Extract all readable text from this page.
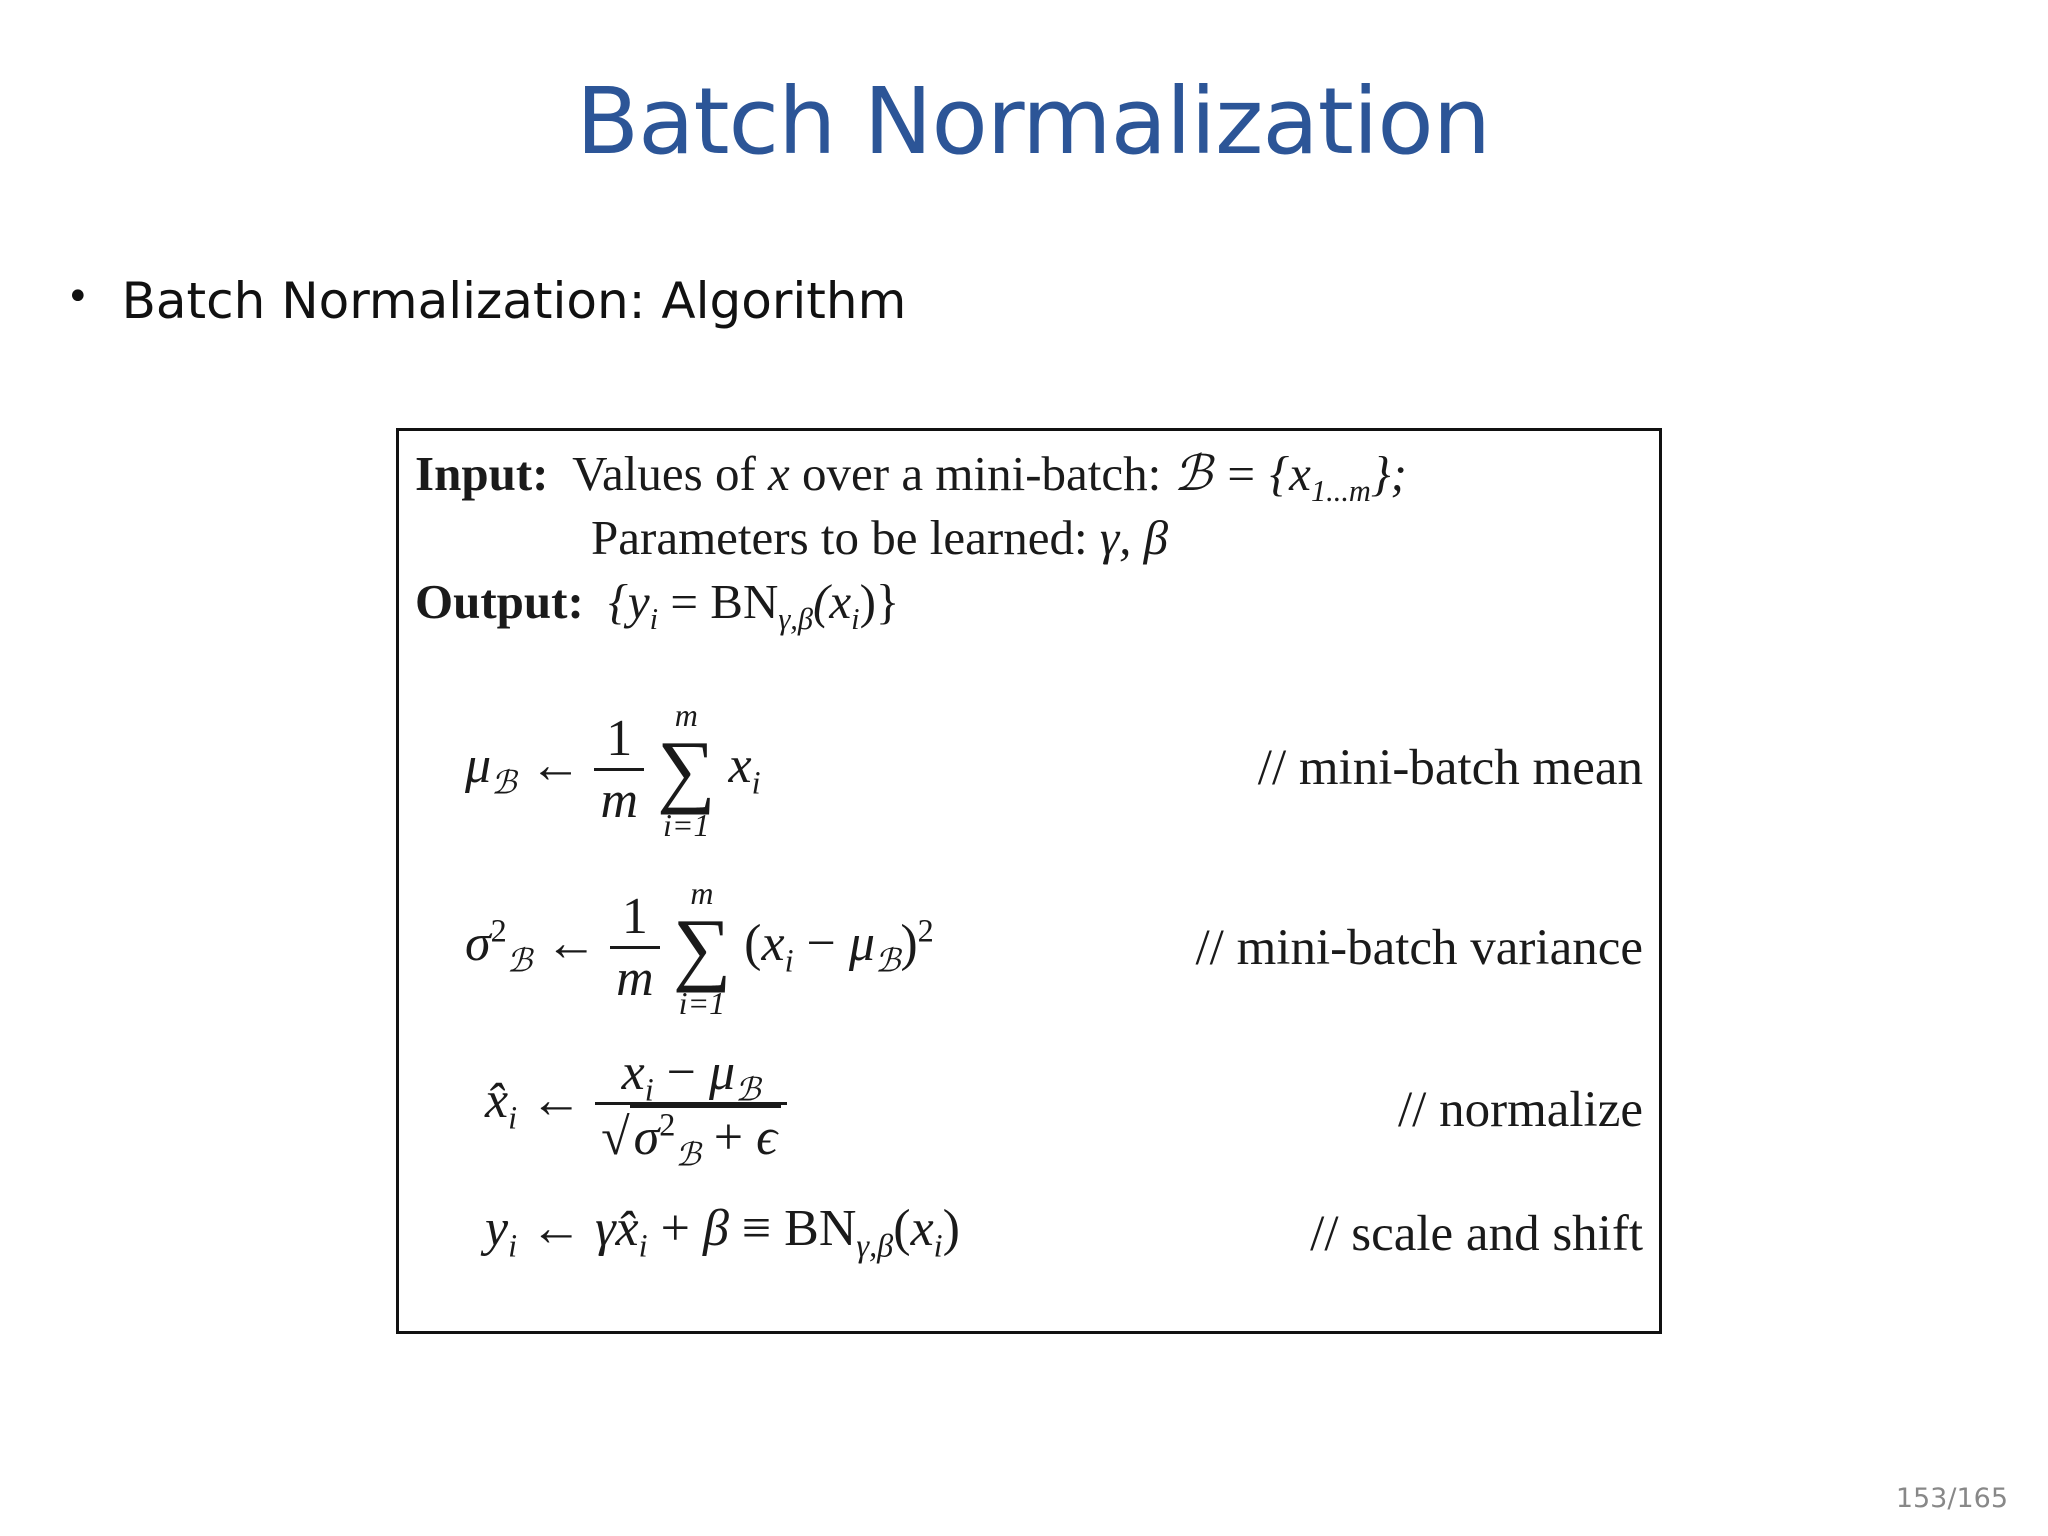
Batch Normalization
• Batch Normalization: Algorithm
Input: Values of x over a mini-batch: ℬ = $\{x_{1...m}\}$;
Parameters to be learned: γ, β
Output: $\{y_i = BN_{\gamma,\beta}(x_i)\}$
$\mu_ℬ$ ← $\frac{1}{m}$
m
∑
i=1
$x_i$	// mini-batch mean
$\sigma^2_ℬ$ ← $\frac{1}{m}$
m
∑
i=1
$(x_i - \mu_ℬ)^2$	// mini-batch variance
$x̂_i$ ← $\frac{x_i - \mu_ℬ}{√\sigma^2_ℬ + \epsilon}$	// normalize
$y_i$ ← $\gamma x̂_i + \beta \equiv BN_{\gamma,\beta}(x_i)$	// scale and shift
153/165
